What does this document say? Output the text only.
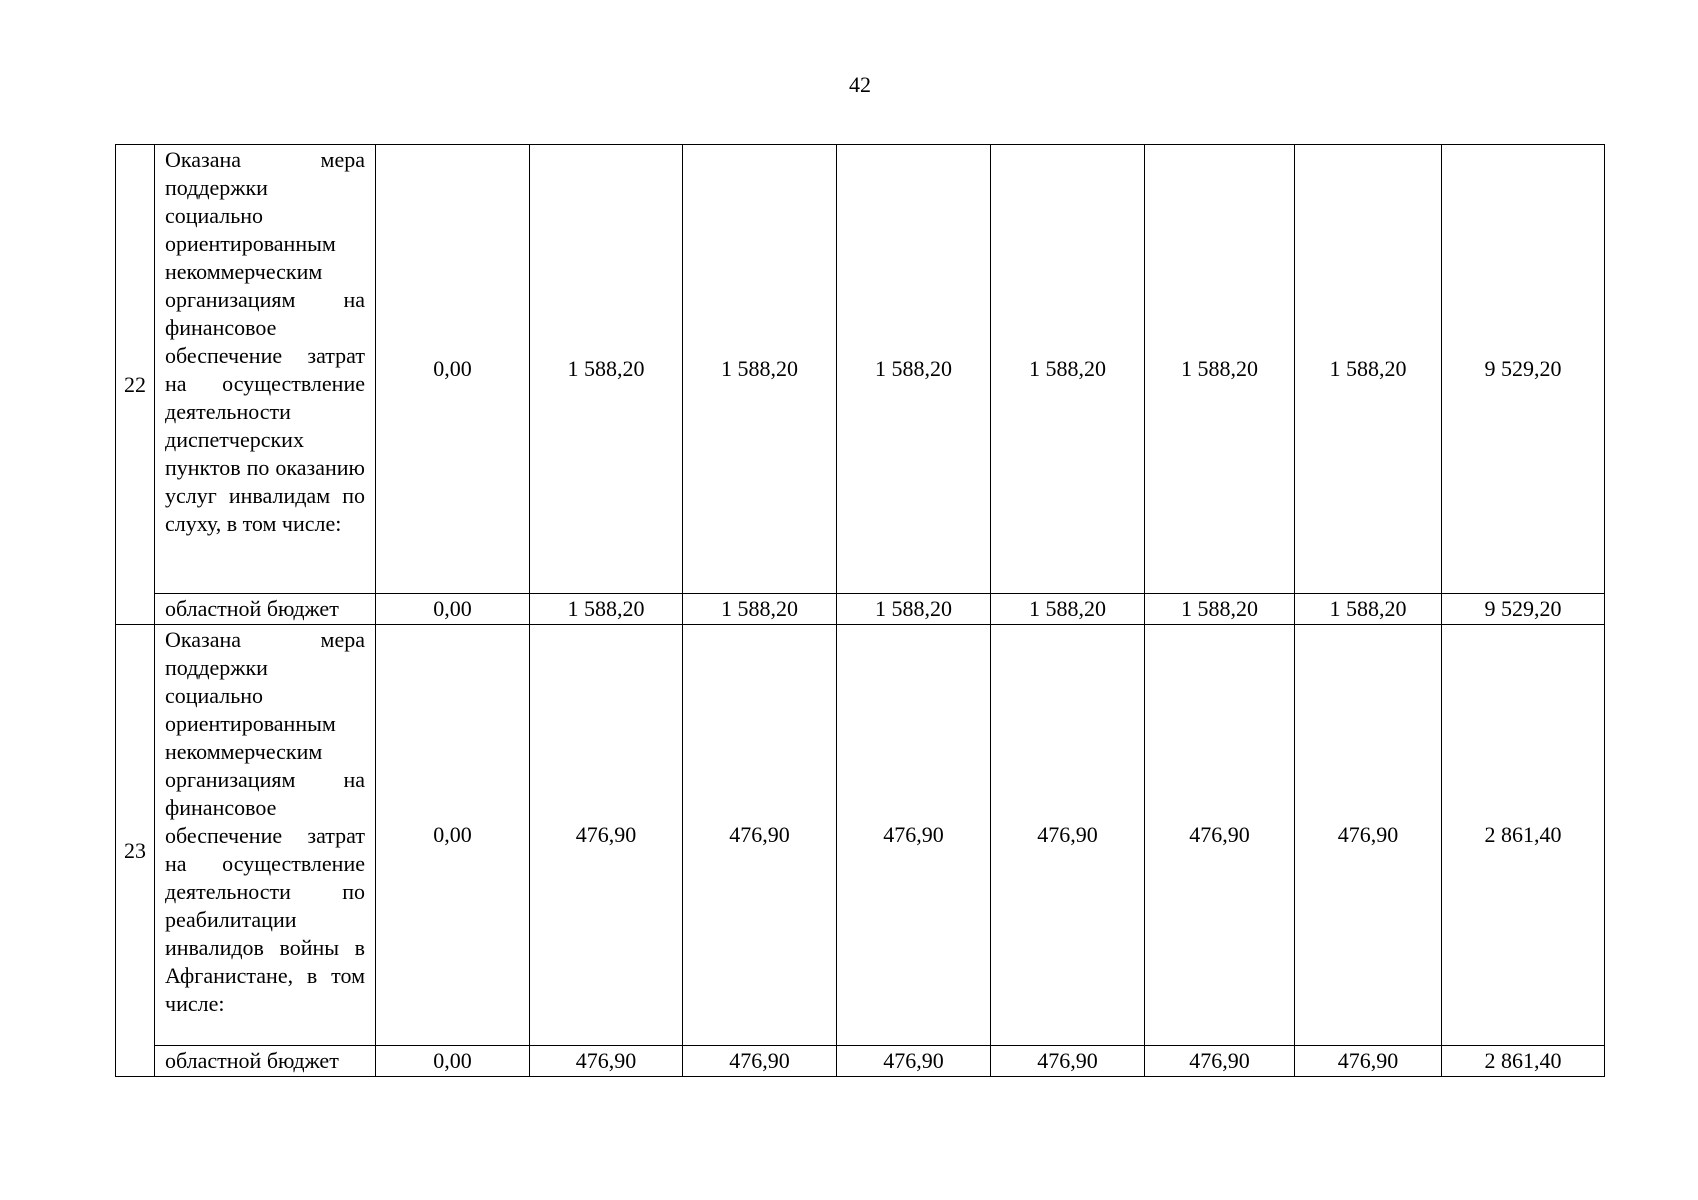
42
22	Оказана мера поддержки социально ориентированным некоммерческим организациям на финансовое обеспечение затрат на осуществление деятельности диспетчерских пунктов по оказанию услуг инвалидам по слуху, в том числе:	0,00	1 588,20	1 588,20	1 588,20	1 588,20	1 588,20	1 588,20	9 529,20
	областной бюджет	0,00	1 588,20	1 588,20	1 588,20	1 588,20	1 588,20	1 588,20	9 529,20
23	Оказана мера поддержки социально ориентированным некоммерческим организациям на финансовое обеспечение затрат на осуществление деятельности по реабилитации инвалидов войны в Афганистане, в том числе:	0,00	476,90	476,90	476,90	476,90	476,90	476,90	2 861,40
	областной бюджет	0,00	476,90	476,90	476,90	476,90	476,90	476,90	2 861,40
